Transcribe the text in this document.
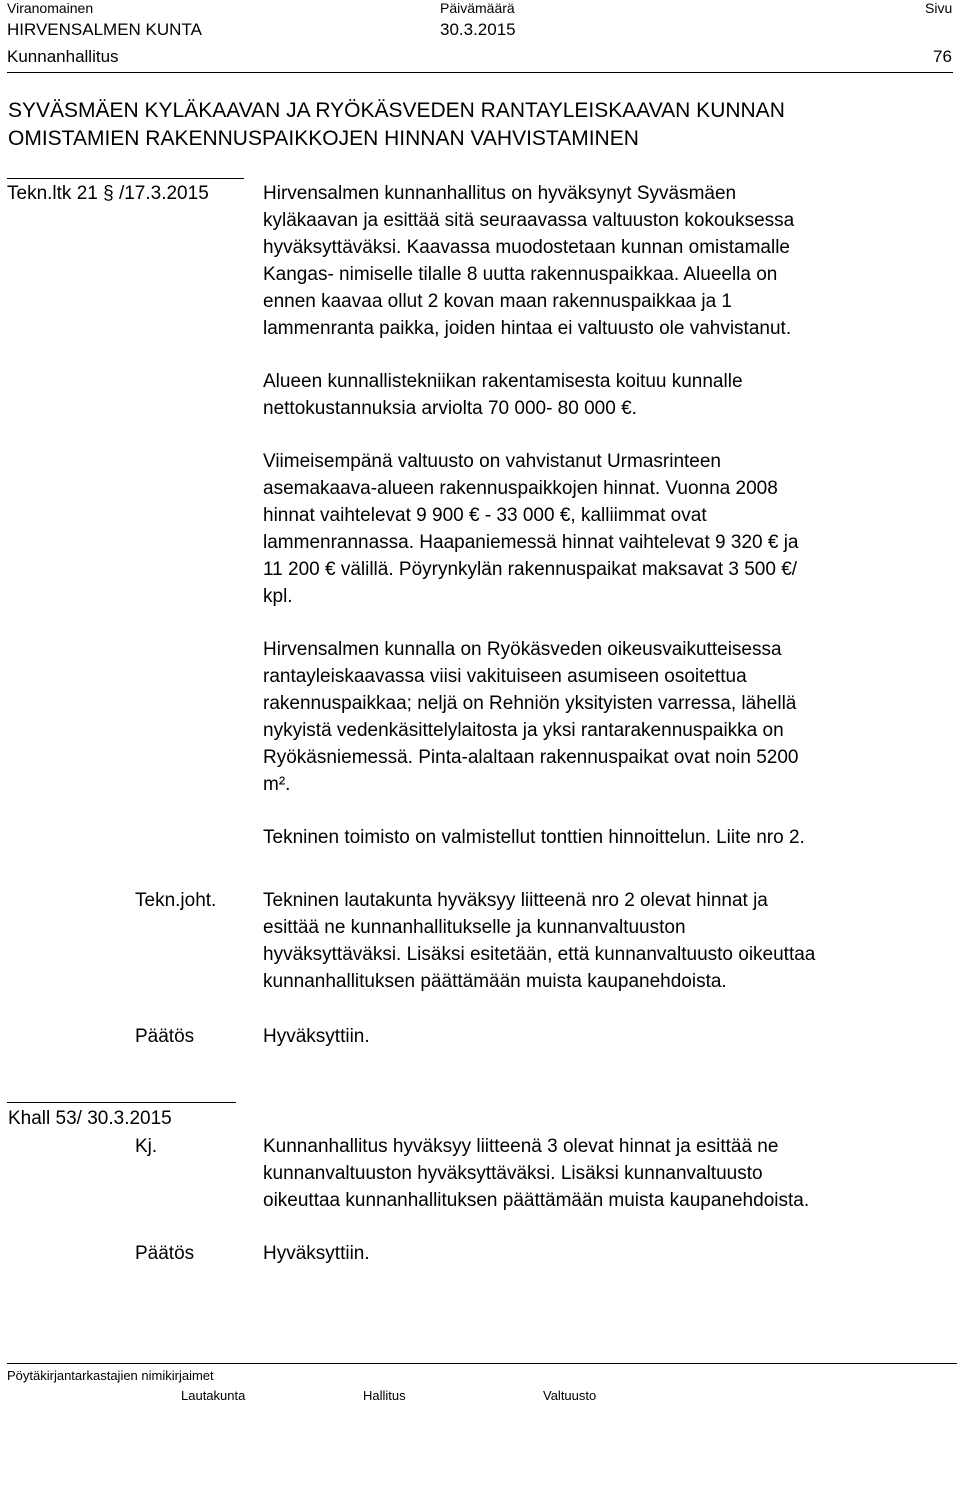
Viranomainen	Päivämäärä	Sivu
HIRVENSALMEN KUNTA	30.3.2015
Kunnanhallitus	76
SYVÄSMÄEN KYLÄKAAVAN JA RYÖKÄSVEDEN RANTAYLEISKAAVAN KUNNAN
OMISTAMIEN RAKENNUSPAIKKOJEN HINNAN VAHVISTAMINEN
Tekn.ltk 21 § /17.3.2015	Hirvensalmen kunnanhallitus on hyväksynyt Syväsmäen
kyläkaavan ja esittää sitä seuraavassa valtuuston kokouksessa
hyväksyttäväksi. Kaavassa muodostetaan kunnan omistamalle
Kangas- nimiselle tilalle 8 uutta rakennuspaikkaa. Alueella on
ennen kaavaa ollut 2 kovan maan rakennuspaikkaa ja 1
lammenranta paikka, joiden hintaa ei valtuusto ole vahvistanut.
Alueen kunnallistekniikan rakentamisesta koituu kunnalle
nettokustannuksia arviolta 70 000- 80 000 €.
Viimeisempänä valtuusto on vahvistanut Urmasrinteen
asemakaava-alueen rakennuspaikkojen hinnat. Vuonna 2008
hinnat vaihtelevat 9 900 € - 33 000 €, kalliimmat ovat
lammenrannassa. Haapaniemessä hinnat vaihtelevat 9 320 € ja
11 200 € välillä. Pöyrynkylän rakennuspaikat maksavat 3 500 €/
kpl.
Hirvensalmen kunnalla on Ryökäsveden oikeusvaikutteisessa
rantayleiskaavassa viisi vakituiseen asumiseen osoitettua
rakennuspaikkaa; neljä on Rehniön yksityisten varressa, lähellä
nykyistä vedenkäsittelylaitosta ja yksi rantarakennuspaikka on
Ryökäsniemessä. Pinta-alaltaan rakennuspaikat ovat noin 5200
m².
Tekninen toimisto on valmistellut tonttien hinnoittelun. Liite nro 2.
Tekn.joht. Tekninen lautakunta hyväksyy liitteenä nro 2 olevat hinnat ja
esittää ne kunnanhallitukselle ja kunnanvaltuuston
hyväksyttäväksi. Lisäksi esitetään, että kunnanvaltuusto oikeuttaa
kunnanhallituksen päättämään muista kaupanehdoista.
Päätös	Hyväksyttiin.
Khall 53/ 30.3.2015
Kj.	Kunnanhallitus hyväksyy liitteenä 3 olevat hinnat ja esittää ne
kunnanvaltuuston hyväksyttäväksi. Lisäksi kunnanvaltuusto
oikeuttaa kunnanhallituksen päättämään muista kaupanehdoista.
Päätös	Hyväksyttiin.
Pöytäkirjantarkastajien nimikirjaimet
Lautakunta	Hallitus	Valtuusto
